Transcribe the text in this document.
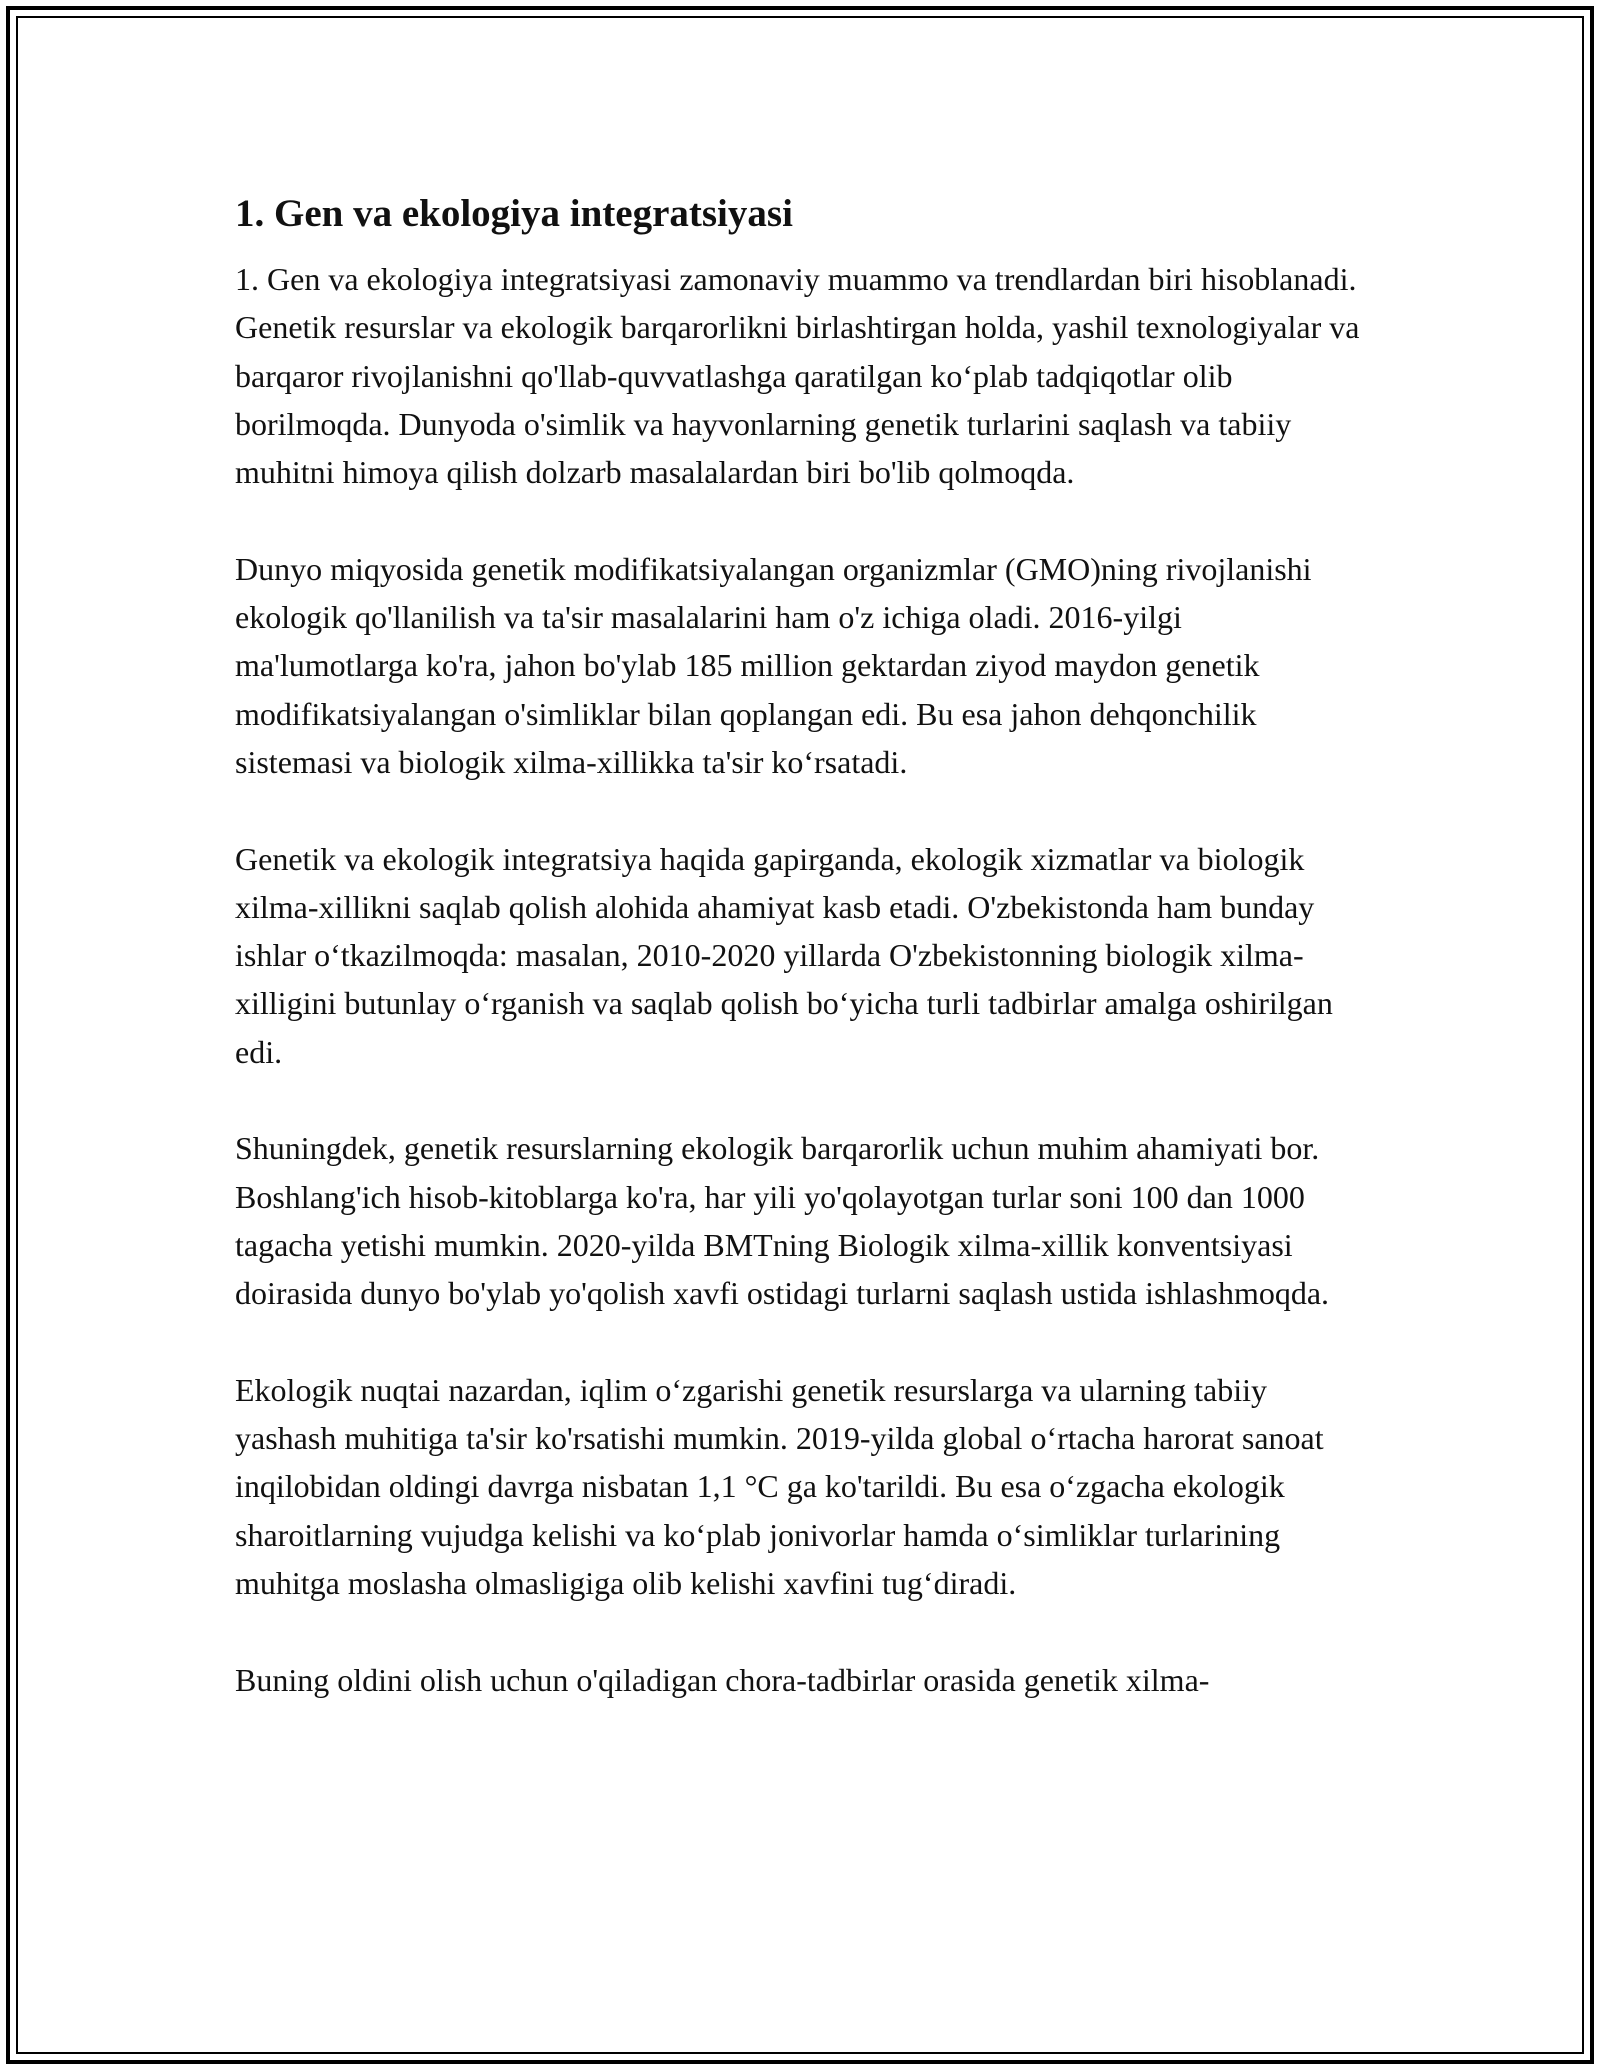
1. Gen va ekologiya integratsiyasi

1. Gen va ekologiya integratsiyasi zamonaviy muammo va trendlardan biri hisoblanadi. Genetik resurslar va ekologik barqarorlikni birlashtirgan holda, yashil texnologiyalar va barqaror rivojlanishni qo'llab-quvvatlashga qaratilgan ko‘plab tadqiqotlar olib borilmoqda. Dunyoda o'simlik va hayvonlarning genetik turlarini saqlash va tabiiy muhitni himoya qilish dolzarb masalalardan biri bo'lib qolmoqda.

Dunyo miqyosida genetik modifikatsiyalangan organizmlar (GMO)ning rivojlanishi ekologik qo'llanilish va ta'sir masalalarini ham o'z ichiga oladi. 2016-yilgi ma'lumotlarga ko'ra, jahon bo'ylab 185 million gektardan ziyod maydon genetik modifikatsiyalangan o'simliklar bilan qoplangan edi. Bu esa jahon dehqonchilik sistemasi va biologik xilma-xillikka ta'sir ko‘rsatadi.

Genetik va ekologik integratsiya haqida gapirganda, ekologik xizmatlar va biologik xilma-xillikni saqlab qolish alohida ahamiyat kasb etadi. O'zbekistonda ham bunday ishlar o‘tkazilmoqda: masalan, 2010-2020 yillarda O'zbekistonning biologik xilma-xilligini butunlay o‘rganish va saqlab qolish bo‘yicha turli tadbirlar amalga oshirilgan edi.

Shuningdek, genetik resurslarning ekologik barqarorlik uchun muhim ahamiyati bor. Boshlang'ich hisob-kitoblarga ko'ra, har yili yo'qolayotgan turlar soni 100 dan 1000 tagacha yetishi mumkin. 2020-yilda BMTning Biologik xilma-xillik konventsiyasi doirasida dunyo bo'ylab yo'qolish xavfi ostidagi turlarni saqlash ustida ishlashmoqda.

Ekologik nuqtai nazardan, iqlim o‘zgarishi genetik resurslarga va ularning tabiiy yashash muhitiga ta'sir ko'rsatishi mumkin. 2019-yilda global o‘rtacha harorat sanoat inqilobidan oldingi davrga nisbatan 1,1 °C ga ko'tarildi. Bu esa o‘zgacha ekologik sharoitlarning vujudga kelishi va ko‘plab jonivorlar hamda o‘simliklar turlarining muhitga moslasha olmasligiga olib kelishi xavfini tug‘diradi.

Buning oldini olish uchun o'qiladigan chora-tadbirlar orasida genetik xilma-
